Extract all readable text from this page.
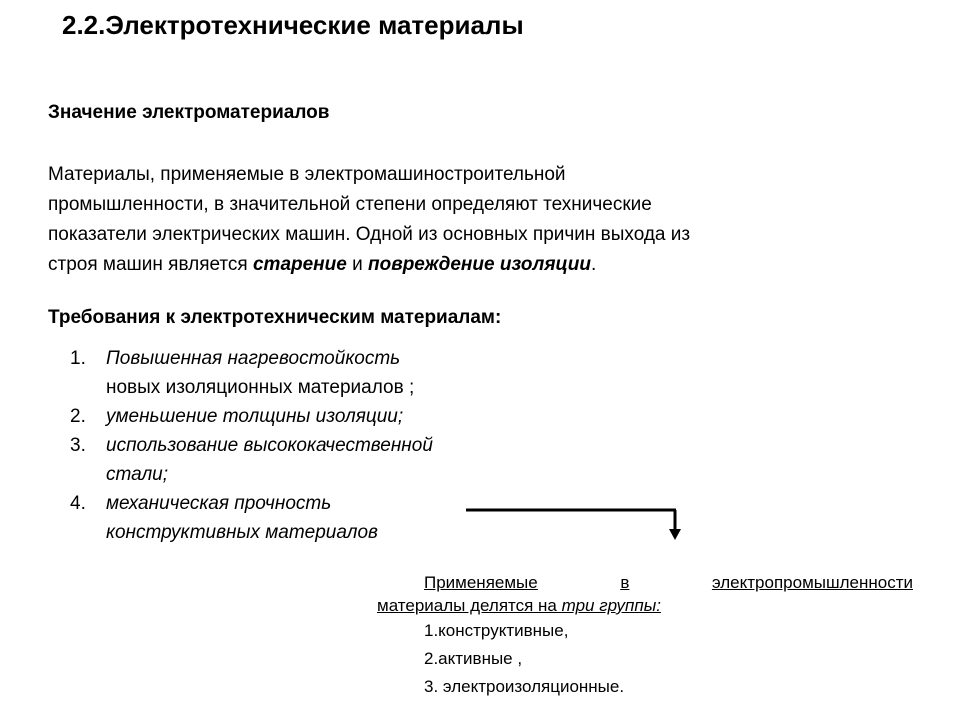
2.2.Электротехнические материалы
Значение электроматериалов
Материалы, применяемые в электромашиностроительной
промышленности, в значительной степени определяют технические
показатели электрических машин. Одной из основных причин выхода из
строя машин является старение и повреждение изоляции.
Требования к электротехническим материалам:
1. Повышенная нагревостойкость
новых изоляционных материалов ;
2. уменьшение толщины изоляции;
3. использование высококачественной
стали;
4. механическая прочность
конструктивных материалов
Применяемые	в	электропромышленности
материалы делятся на три группы:
1.конструктивные,
2.активные ,
3. электроизоляционные.
